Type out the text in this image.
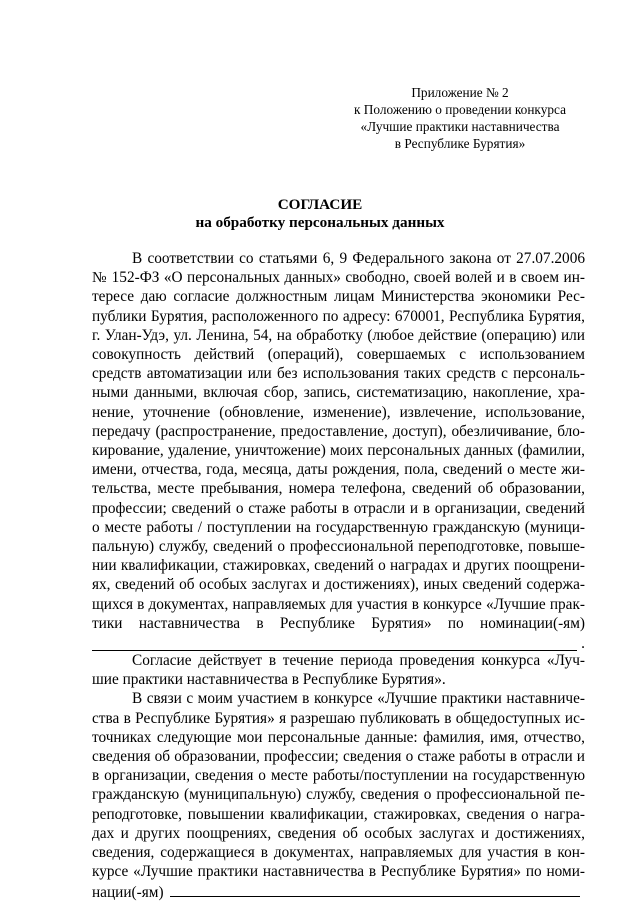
Приложение № 2
к Положению о проведении конкурса
«Лучшие практики наставничества
в Республике Бурятия»
СОГЛАСИЕ
на обработку персональных данных

В соответствии со статьями 6, 9 Федерального закона от 27.07.2006
№ 152-ФЗ «О персональных данных» свободно, своей волей и в своем ин-
тересе даю согласие должностным лицам Министерства экономики Рес-
публики Бурятия, расположенного по адресу: 670001, Республика Бурятия,
г. Улан-Удэ, ул. Ленина, 54, на обработку (любое действие (операцию) или
совокупность действий (операций), совершаемых с использованием
средств автоматизации или без использования таких средств с персональ-
ными данными, включая сбор, запись, систематизацию, накопление, хра-
нение, уточнение (обновление, изменение), извлечение, использование,
передачу (распространение, предоставление, доступ), обезличивание, бло-
кирование, удаление, уничтожение) моих персональных данных (фамилии,
имени, отчества, года, месяца, даты рождения, пола, сведений о месте жи-
тельства, месте пребывания, номера телефона, сведений об образовании,
профессии; сведений о стаже работы в отрасли и в организации, сведений
о месте работы / поступлении на государственную гражданскую (муници-
пальную) службу, сведений о профессиональной переподготовке, повыше-
нии квалификации, стажировках, сведений о наградах и других поощрени-
ях, сведений об особых заслугах и достижениях), иных сведений содержа-
щихся в документах, направляемых для участия в конкурсе «Лучшие прак-
тики наставничества в Республике Бурятия» по номинации(-ям)
.

Согласие действует в течение периода проведения конкурса «Луч-
шие практики наставничества в Республике Бурятия».

В связи с моим участием в конкурсе «Лучшие практики наставниче-
ства в Республике Бурятия» я разрешаю публиковать в общедоступных ис-
точниках следующие мои персональные данные: фамилия, имя, отчество,
сведения об образовании, профессии; сведения о стаже работы в отрасли и
в организации, сведения о месте работы/поступлении на государственную
гражданскую (муниципальную) службу, сведения о профессиональной пе-
реподготовке, повышении квалификации, стажировках, сведения о награ-
дах и других поощрениях, сведения об особых заслугах и достижениях,
сведения, содержащиеся в документах, направляемых для участия в кон-
курсе «Лучшие практики наставничества в Республике Бурятия» по номи-
нации(-ям)
